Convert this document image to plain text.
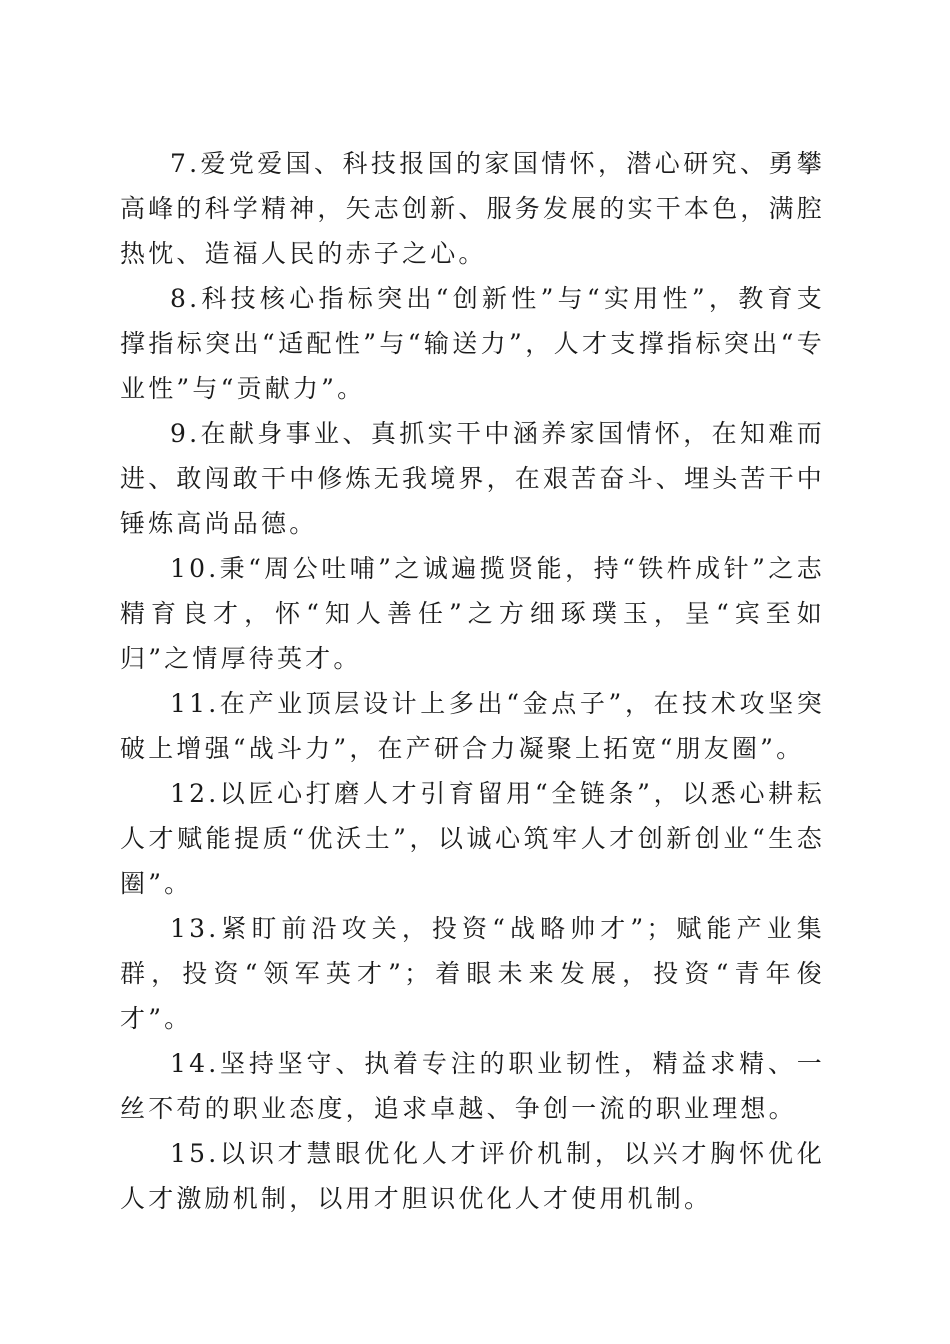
7.爱党爱国、科技报国的家国情怀，潜心研究、勇攀高峰的科学精神，矢志创新、服务发展的实干本色，满腔热忱、造福人民的赤子之心。

8.科技核心指标突出“创新性”与“实用性”，教育支撑指标突出“适配性”与“输送力”，人才支撑指标突出“专业性”与“贡献力”。

9.在献身事业、真抓实干中涵养家国情怀，在知难而进、敢闯敢干中修炼无我境界，在艰苦奋斗、埋头苦干中锤炼高尚品德。

10.秉“周公吐哺”之诚遍揽贤能，持“铁杵成针”之志精育良才，怀“知人善任”之方细琢璞玉，呈“宾至如归”之情厚待英才。

11.在产业顶层设计上多出“金点子”，在技术攻坚突破上增强“战斗力”，在产研合力凝聚上拓宽“朋友圈”。

12.以匠心打磨人才引育留用“全链条”，以悉心耕耘人才赋能提质“优沃土”，以诚心筑牢人才创新创业“生态圈”。

13.紧盯前沿攻关，投资“战略帅才”；赋能产业集群，投资“领军英才”；着眼未来发展，投资“青年俊才”。

14.坚持坚守、执着专注的职业韧性，精益求精、一丝不苟的职业态度，追求卓越、争创一流的职业理想。

15.以识才慧眼优化人才评价机制，以兴才胸怀优化人才激励机制，以用才胆识优化人才使用机制。
